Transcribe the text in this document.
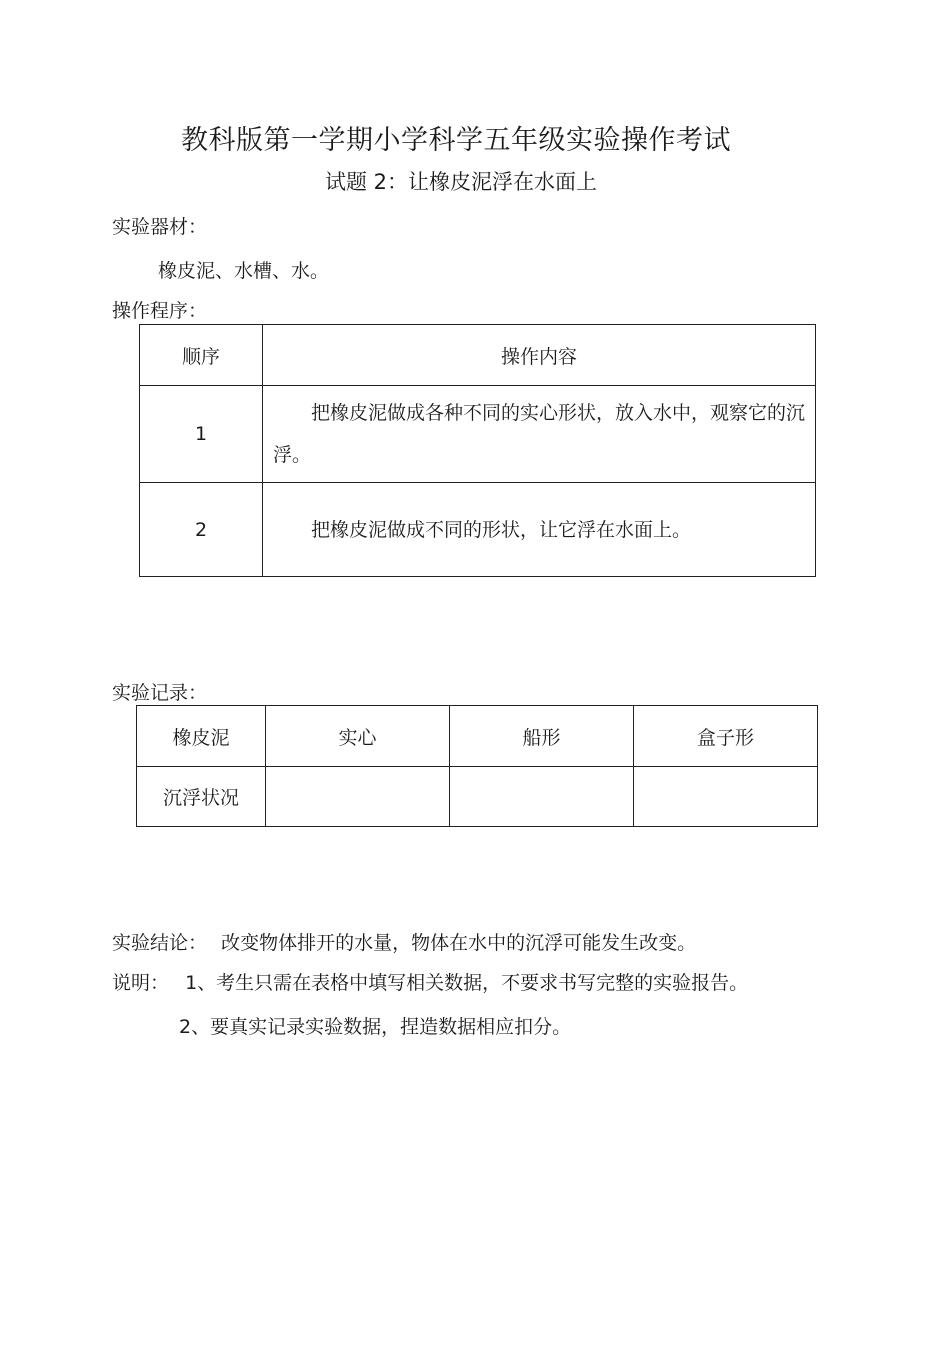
教科版第一学期小学科学五年级实验操作考试
试题 2：让橡皮泥浮在水面上
实验器材：
橡皮泥、水槽、水。
操作程序：
顺序	操作内容
1	把橡皮泥做成各种不同的实心形状，放入水中，观察它的沉浮。

2	把橡皮泥做成不同的形状，让它浮在水面上。
实验记录：
橡皮泥	实心	船形	盒子形
沉浮状况			
实验结论： 改变物体排开的水量，物体在水中的沉浮可能发生改变。
说明： 1、考生只需在表格中填写相关数据，不要求书写完整的实验报告。
2、要真实记录实验数据，捏造数据相应扣分。
